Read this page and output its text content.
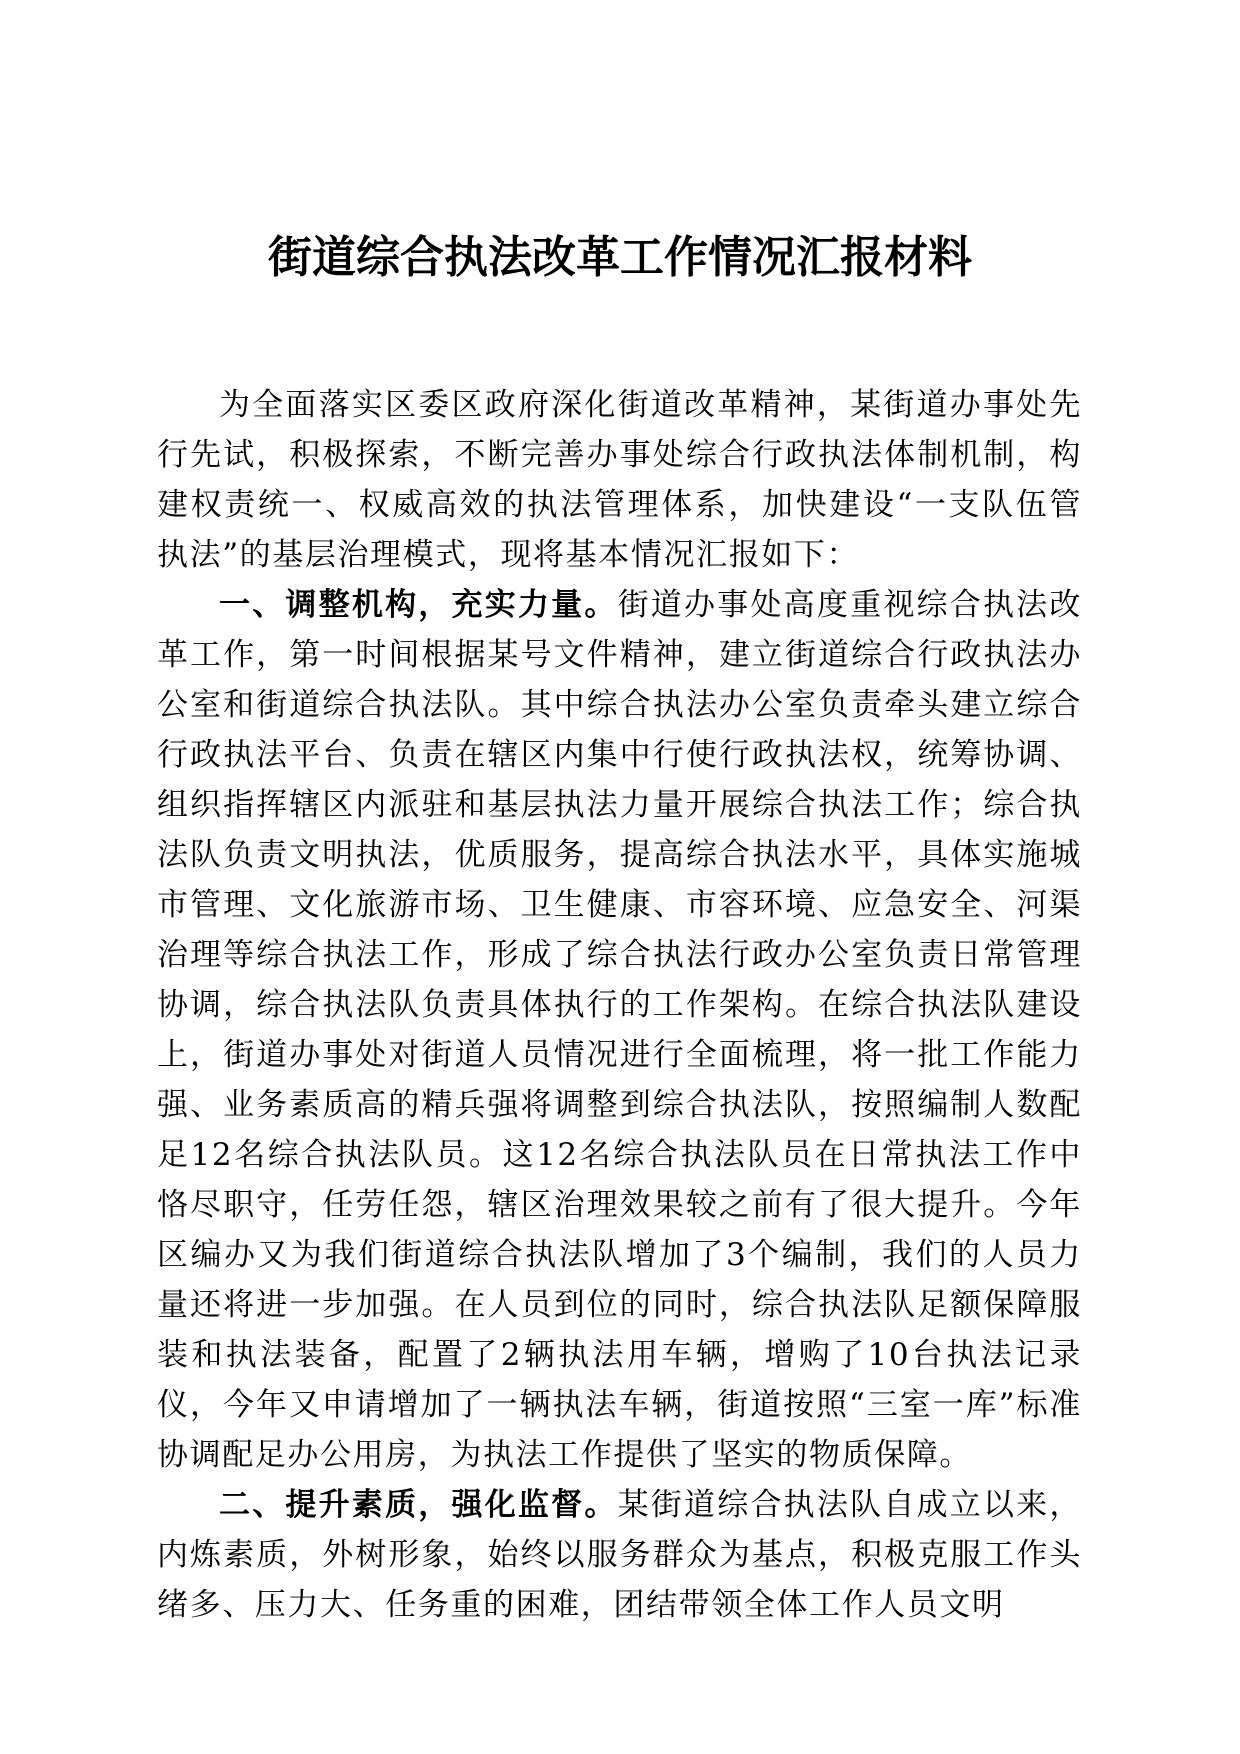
街道综合执法改革工作情况汇报材料

为全面落实区委区政府深化街道改革精神，某街道办事处先行先试，积极探索，不断完善办事处综合行政执法体制机制，构建权责统一、权威高效的执法管理体系，加快建设“一支队伍管执法”的基层治理模式，现将基本情况汇报如下：

一、调整机构，充实力量。街道办事处高度重视综合执法改革工作，第一时间根据某号文件精神，建立街道综合行政执法办公室和街道综合执法队。其中综合执法办公室负责牵头建立综合行政执法平台、负责在辖区内集中行使行政执法权，统筹协调、组织指挥辖区内派驻和基层执法力量开展综合执法工作；综合执法队负责文明执法，优质服务，提高综合执法水平，具体实施城市管理、文化旅游市场、卫生健康、市容环境、应急安全、河渠治理等综合执法工作，形成了综合执法行政办公室负责日常管理协调，综合执法队负责具体执行的工作架构。在综合执法队建设上，街道办事处对街道人员情况进行全面梳理，将一批工作能力强、业务素质高的精兵强将调整到综合执法队，按照编制人数配足12名综合执法队员。这12名综合执法队员在日常执法工作中恪尽职守，任劳任怨，辖区治理效果较之前有了很大提升。今年区编办又为我们街道综合执法队增加了3个编制，我们的人员力量还将进一步加强。在人员到位的同时，综合执法队足额保障服装和执法装备，配置了2辆执法用车辆，增购了10台执法记录仪，今年又申请增加了一辆执法车辆，街道按照“三室一库”标准协调配足办公用房，为执法工作提供了坚实的物质保障。

二、提升素质，强化监督。某街道综合执法队自成立以来，内炼素质，外树形象，始终以服务群众为基点，积极克服工作头绪多、压力大、任务重的困难，团结带领全体工作人员文明
